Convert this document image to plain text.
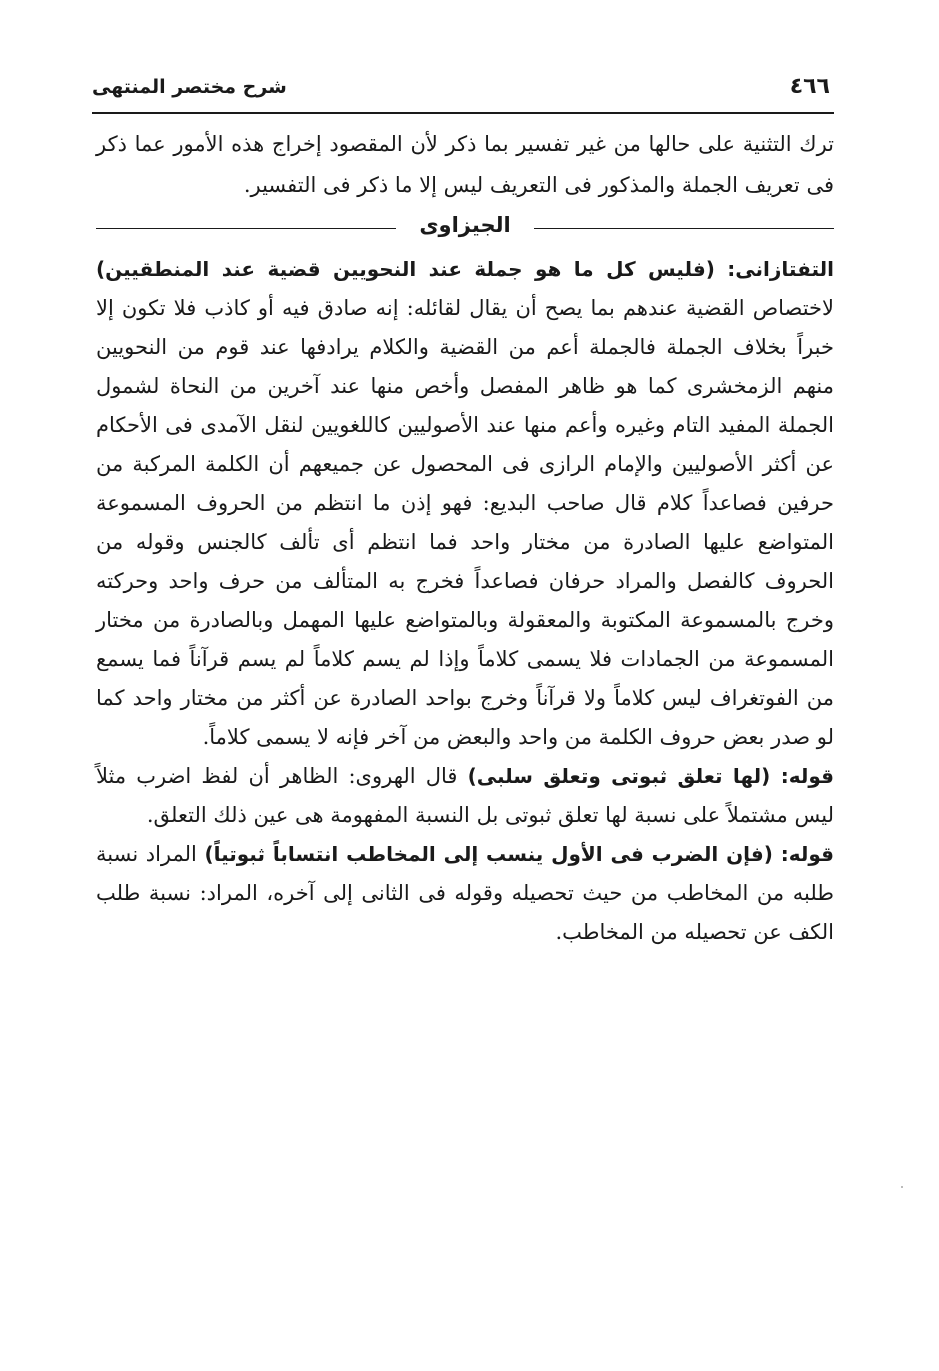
٤٦٦
شرح مختصر المنتهى

ترك التثنية على حالها من غير تفسير بما ذكر لأن المقصود إخراج هذه الأمور عما ذكر فى تعريف الجملة والمذكور فى التعريف ليس إلا ما ذكر فى التفسير.

الجيزاوى

التفتازانى: (فليس كل ما هو جملة عند النحويين قضية عند المنطقيين) لاختصاص القضية عندهم بما يصح أن يقال لقائله: إنه صادق فيه أو كاذب فلا تكون إلا خبراً بخلاف الجملة فالجملة أعم من القضية والكلام يرادفها عند قوم من النحويين منهم الزمخشرى كما هو ظاهر المفصل وأخص منها عند آخرين من النحاة لشمول الجملة المفيد التام وغيره وأعم منها عند الأصوليين كاللغويين لنقل الآمدى فى الأحكام عن أكثر الأصوليين والإمام الرازى فى المحصول عن جميعهم أن الكلمة المركبة من حرفين فصاعداً كلام قال صاحب البديع: فهو إذن ما انتظم من الحروف المسموعة المتواضع عليها الصادرة من مختار واحد فما انتظم أى تألف كالجنس وقوله من الحروف كالفصل والمراد حرفان فصاعداً فخرج به المتألف من حرف واحد وحركته وخرج بالمسموعة المكتوبة والمعقولة وبالمتواضع عليها المهمل وبالصادرة من مختار المسموعة من الجمادات فلا يسمى كلاماً وإذا لم يسم كلاماً لم يسم قرآناً فما يسمع من الفوتغراف ليس كلاماً ولا قرآناً وخرج بواحد الصادرة عن أكثر من مختار واحد كما لو صدر بعض حروف الكلمة من واحد والبعض من آخر فإنه لا يسمى كلاماً.

قوله: (لها تعلق ثبوتى وتعلق سلبى) قال الهروى: الظاهر أن لفظ اضرب مثلاً ليس مشتملاً على نسبة لها تعلق ثبوتى بل النسبة المفهومة هى عين ذلك التعلق.

قوله: (فإن الضرب فى الأول ينسب إلى المخاطب انتساباً ثبوتياً) المراد نسبة طلبه من المخاطب من حيث تحصيله وقوله فى الثانى إلى آخره، المراد: نسبة طلب الكف عن تحصيله من المخاطب.
